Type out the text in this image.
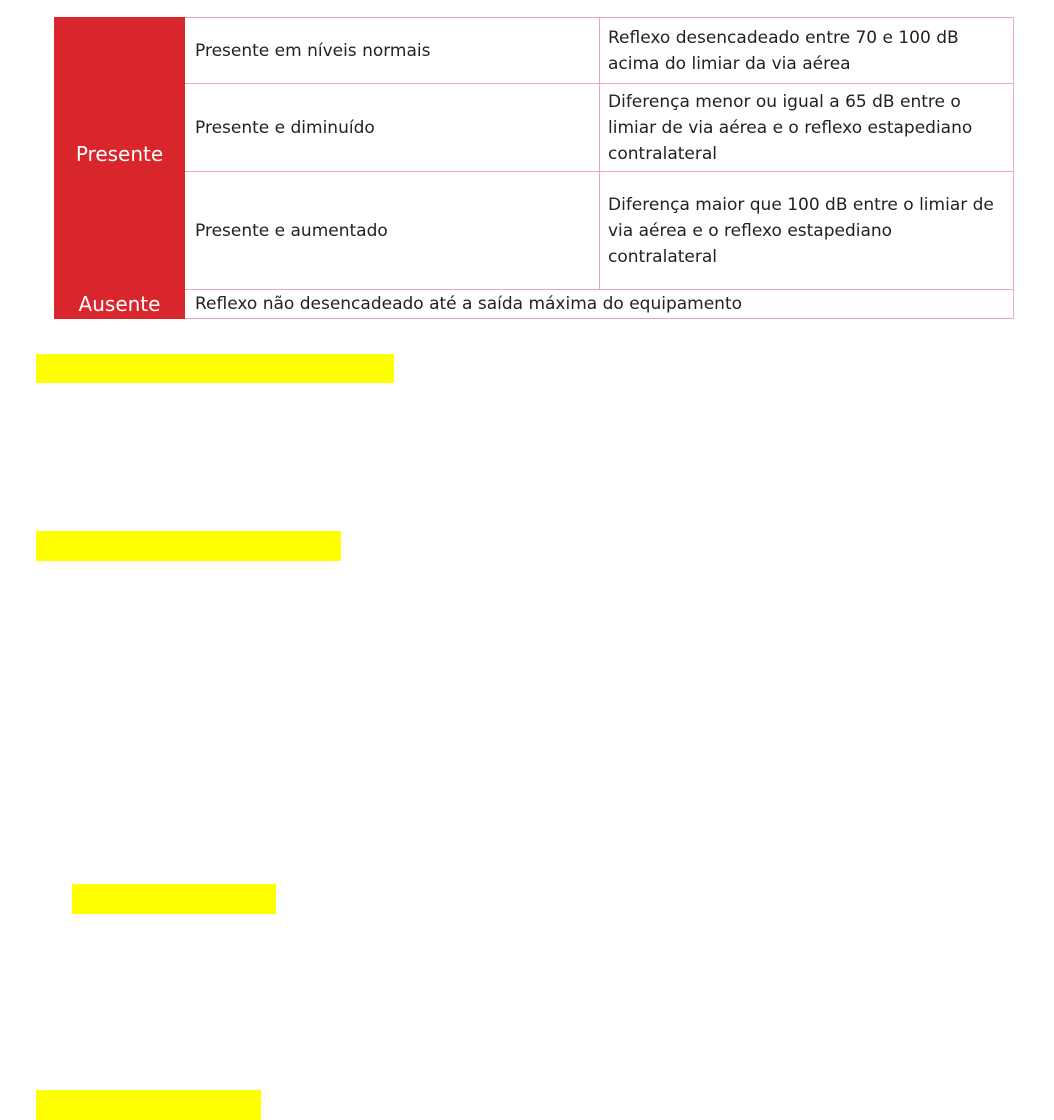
Presente	Presente em níveis normais	Reflexo desencadeado entre 70 e 100 dB acima do limiar da via aérea
	Presente e diminuído	Diferença menor ou igual a 65 dB entre o limiar de via aérea e o reflexo estapediano contralateral
	Presente e aumentado	Diferença maior que 100 dB entre o limiar de via aérea e o reflexo estapediano contralateral
Ausente	Reflexo não desencadeado até a saída máxima do equipamento	
